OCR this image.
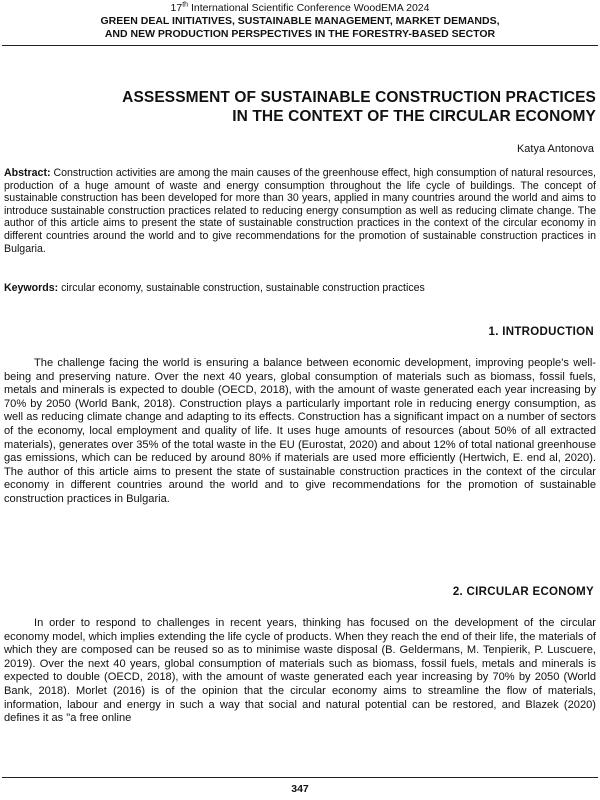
17th International Scientific Conference WoodEMA 2024
GREEN DEAL INITIATIVES, SUSTAINABLE MANAGEMENT, MARKET DEMANDS,
AND NEW PRODUCTION PERSPECTIVES IN THE FORESTRY-BASED SECTOR
ASSESSMENT OF SUSTAINABLE CONSTRUCTION PRACTICES
IN THE CONTEXT OF THE CIRCULAR ECONOMY
Katya Antonova
Abstract: Construction activities are among the main causes of the greenhouse effect, high consumption of natural resources, production of a huge amount of waste and energy consumption throughout the life cycle of buildings. The concept of sustainable construction has been developed for more than 30 years, applied in many countries around the world and aims to introduce sustainable construction practices related to reducing energy consumption as well as reducing climate change. The author of this article aims to present the state of sustainable construction practices in the context of the circular economy in different countries around the world and to give recommendations for the promotion of sustainable construction practices in Bulgaria.
Keywords: circular economy, sustainable construction, sustainable construction practices
1. INTRODUCTION
The challenge facing the world is ensuring a balance between economic development, improving people's well-being and preserving nature. Over the next 40 years, global consumption of materials such as biomass, fossil fuels, metals and minerals is expected to double (OECD, 2018), with the amount of waste generated each year increasing by 70% by 2050 (World Bank, 2018). Construction plays a particularly important role in reducing energy consumption, as well as reducing climate change and adapting to its effects. Construction has a significant impact on a number of sectors of the economy, local employment and quality of life. It uses huge amounts of resources (about 50% of all extracted materials), generates over 35% of the total waste in the EU (Eurostat, 2020) and about 12% of total national greenhouse gas emissions, which can be reduced by around 80% if materials are used more efficiently (Hertwich, E. end al, 2020). The author of this article aims to present the state of sustainable construction practices in the context of the circular economy in different countries around the world and to give recommendations for the promotion of sustainable construction practices in Bulgaria.
2. CIRCULAR ECONOMY
In order to respond to challenges in recent years, thinking has focused on the development of the circular economy model, which implies extending the life cycle of products. When they reach the end of their life, the materials of which they are composed can be reused so as to minimise waste disposal (B. Geldermans, M. Tenpierik, P. Luscuere, 2019). Over the next 40 years, global consumption of materials such as biomass, fossil fuels, metals and minerals is expected to double (OECD, 2018), with the amount of waste generated each year increasing by 70% by 2050 (World Bank, 2018). Morlet (2016) is of the opinion that the circular economy aims to streamline the flow of materials, information, labour and energy in such a way that social and natural potential can be restored, and Blazek (2020) defines it as "a free online
347
